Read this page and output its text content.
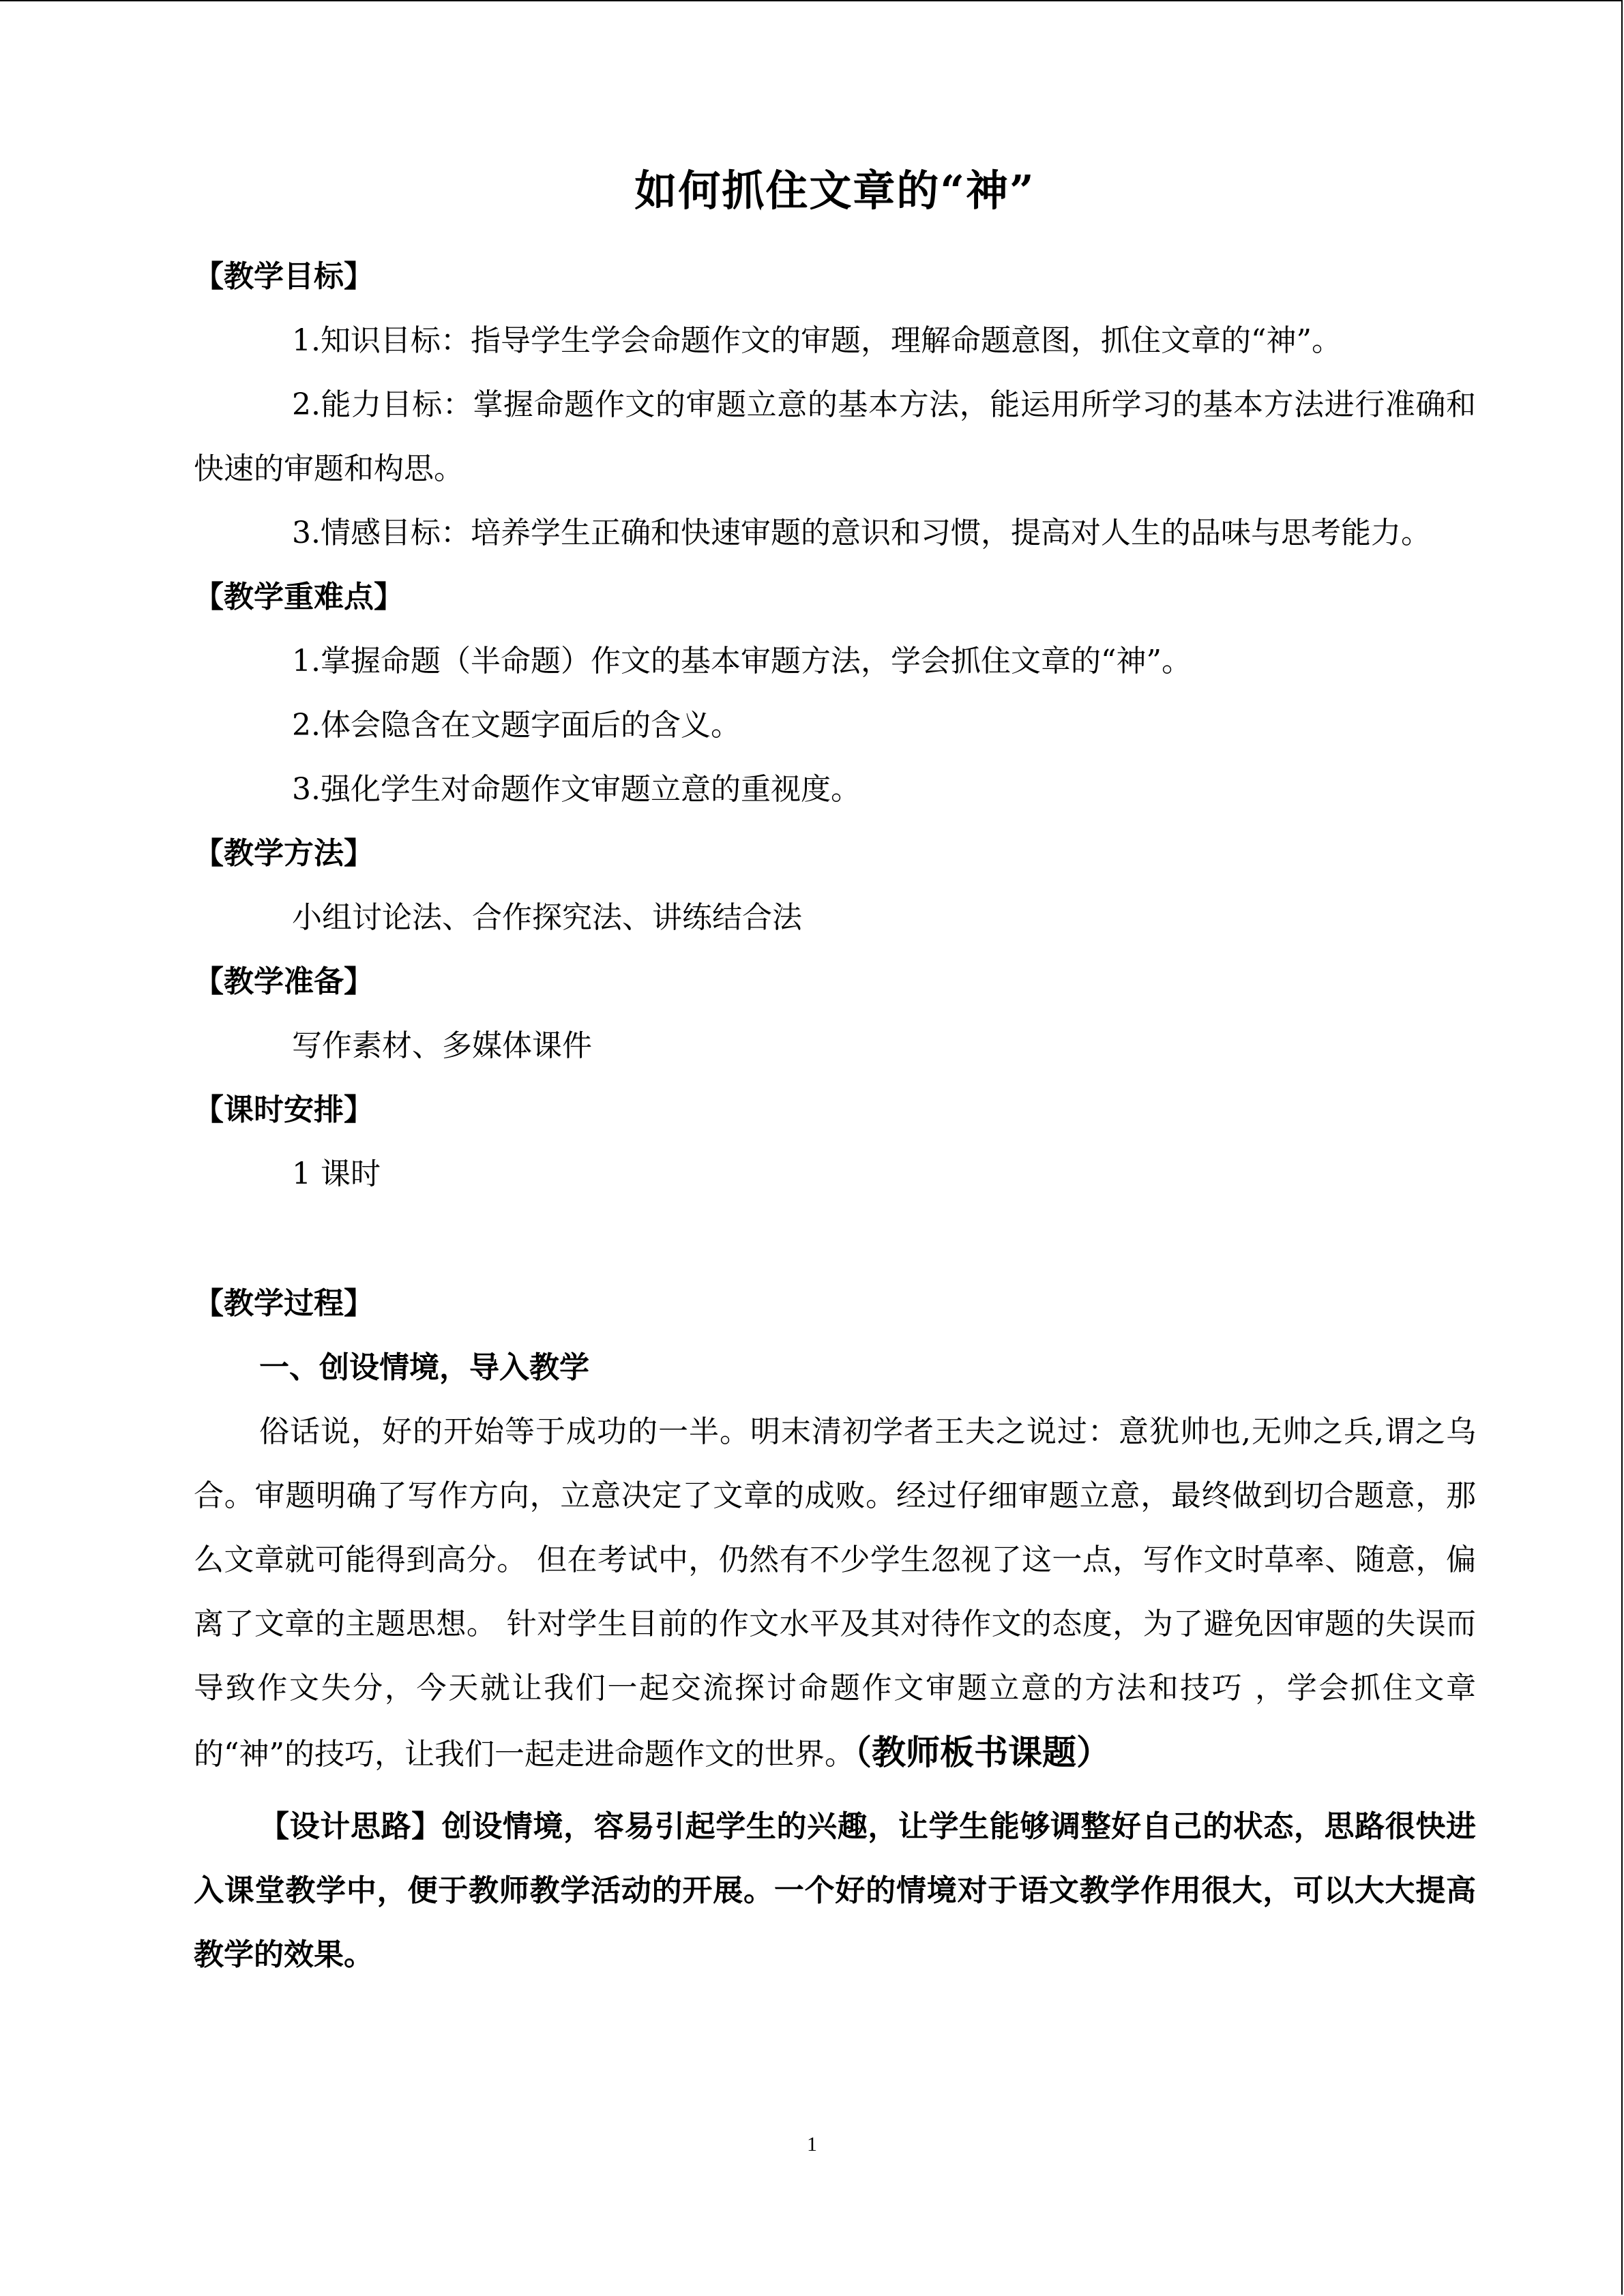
如何抓住文章的“神”

【教学目标】

1.知识目标：指导学生学会命题作文的审题，理解命题意图，抓住文章的“神”。

2.能力目标：掌握命题作文的审题立意的基本方法，能运用所学习的基本方法进行准确和快速的审题和构思。

3.情感目标：培养学生正确和快速审题的意识和习惯，提高对人生的品味与思考能力。

【教学重难点】

1.掌握命题（半命题）作文的基本审题方法，学会抓住文章的“神”。

2.体会隐含在文题字面后的含义。

3.强化学生对命题作文审题立意的重视度。

【教学方法】

小组讨论法、合作探究法、讲练结合法

【教学准备】

写作素材、多媒体课件

【课时安排】

1 课时

【教学过程】

一、创设情境，导入教学

俗话说，好的开始等于成功的一半。明末清初学者王夫之说过：意犹帅也,无帅之兵,谓之乌合。审题明确了写作方向，立意决定了文章的成败。经过仔细审题立意，最终做到切合题意，那么文章就可能得到高分。 但在考试中，仍然有不少学生忽视了这一点，写作文时草率、随意，偏离了文章的主题思想。 针对学生目前的作文水平及其对待作文的态度，为了避免因审题的失误而导致作文失分，今天就让我们一起交流探讨命题作文审题立意的方法和技巧 ，学会抓住文章的“神”的技巧，让我们一起走进命题作文的世界。（教师板书课题）

【设计思路】创设情境，容易引起学生的兴趣，让学生能够调整好自己的状态，思路很快进入课堂教学中，便于教师教学活动的开展。一个好的情境对于语文教学作用很大，可以大大提高教学的效果。

1
